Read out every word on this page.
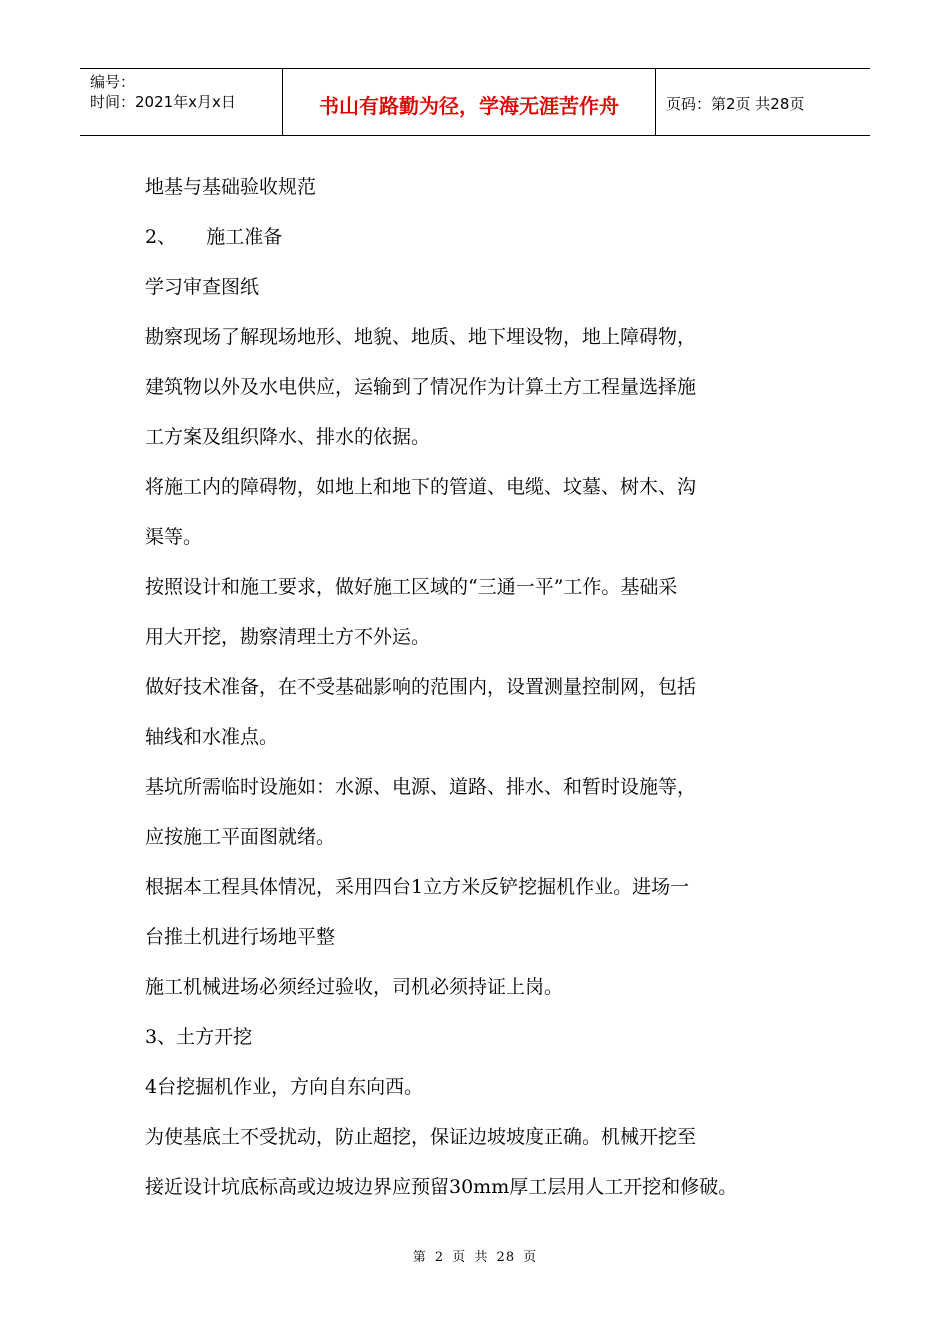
编号：
时间：2021年x月x日	书山有路勤为径，学海无涯苦作舟	页码：第2页 共28页
地基与基础验收规范
2、     施工准备
学习审查图纸
勘察现场了解现场地形、地貌、地质、地下埋设物，地上障碍物，
建筑物以外及水电供应，运输到了情况作为计算土方工程量选择施
工方案及组织降水、排水的依据。
将施工内的障碍物，如地上和地下的管道、电缆、坟墓、树木、沟
渠等。
按照设计和施工要求，做好施工区域的“三通一平”工作。基础采
用大开挖，勘察清理土方不外运。
做好技术准备，在不受基础影响的范围内，设置测量控制网，包括
轴线和水准点。
基坑所需临时设施如：水源、电源、道路、排水、和暂时设施等，
应按施工平面图就绪。
根据本工程具体情况，采用四台1立方米反铲挖掘机作业。进场一
台推土机进行场地平整
施工机械进场必须经过验收，司机必须持证上岗。
3、土方开挖
4台挖掘机作业，方向自东向西。
为使基底土不受扰动，防止超挖，保证边坡坡度正确。机械开挖至
接近设计坑底标高或边坡边界应预留30mm厚工层用人工开挖和修破。
第 2 页 共 28 页
